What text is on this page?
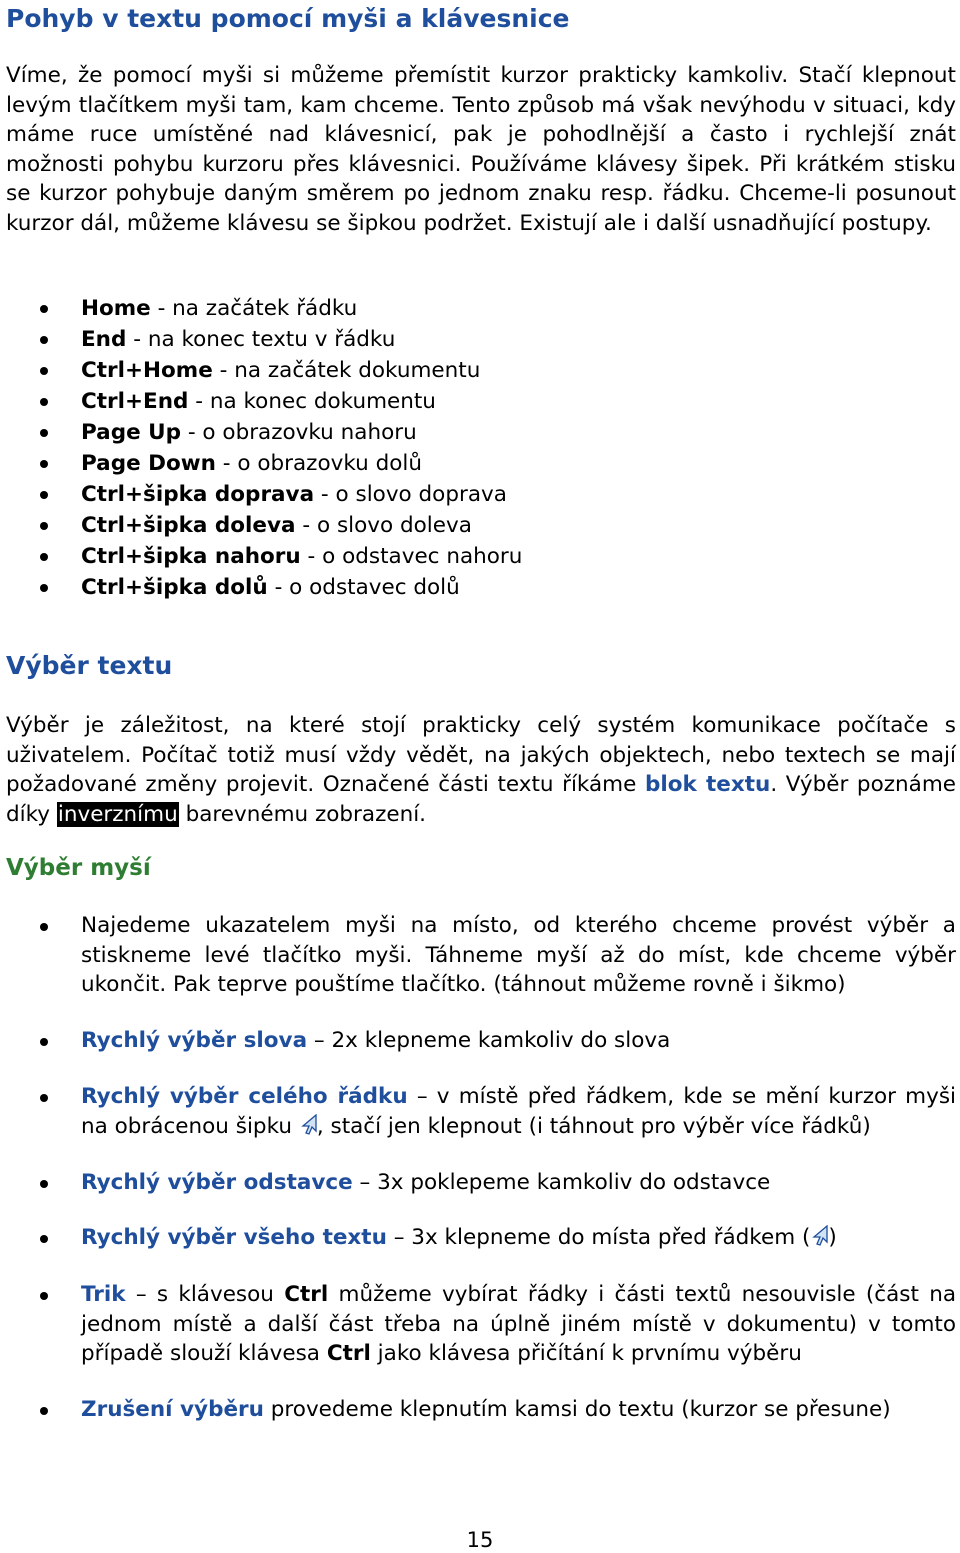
Pohyb v textu pomocí myši a klávesnice

Víme, že pomocí myši si můžeme přemístit kurzor prakticky kamkoliv. Stačí klepnout levým tlačítkem myši tam, kam chceme. Tento způsob má však nevýhodu v situaci, kdy máme ruce umístěné nad klávesnicí, pak je pohodlnější a často i rychlejší znát možnosti pohybu kurzoru přes klávesnici. Používáme klávesy šipek. Při krátkém stisku se kurzor pohybuje daným směrem po jednom znaku resp. řádku. Chceme-li posunout kurzor dál, můžeme klávesu se šipkou podržet. Existují ale i další usnadňující postupy.

Home - na začátek řádku
End - na konec textu v řádku
Ctrl+Home - na začátek dokumentu
Ctrl+End - na konec dokumentu
Page Up - o obrazovku nahoru
Page Down - o obrazovku dolů
Ctrl+šipka doprava - o slovo doprava
Ctrl+šipka doleva - o slovo doleva
Ctrl+šipka nahoru - o odstavec nahoru
Ctrl+šipka dolů - o odstavec dolů
Výběr textu

Výběr je záležitost, na které stojí prakticky celý systém komunikace počítače s uživatelem. Počítač totiž musí vždy vědět, na jakých objektech, nebo textech se mají požadované změny projevit. Označené části textu říkáme blok textu. Výběr poznáme díky inverznímu barevnému zobrazení.

Výběr myší
Najedeme ukazatelem myši na místo, od kterého chceme provést výběr a stiskneme levé tlačítko myši. Táhneme myší až do míst, kde chceme výběr ukončit. Pak teprve pouštíme tlačítko. (táhnout můžeme rovně i šikmo)
Rychlý výběr slova – 2x klepneme kamkoliv do slova
Rychlý výběr celého řádku – v místě před řádkem, kde se mění kurzor myši na obrácenou šipku , stačí jen klepnout (i táhnout pro výběr více řádků)
Rychlý výběr odstavce – 3x poklepeme kamkoliv do odstavce
Rychlý výběr všeho textu – 3x klepneme do místa před řádkem ( )
Trik – s klávesou Ctrl můžeme vybírat řádky i části textů nesouvisle (část na jednom místě a další část třeba na úplně jiném místě v dokumentu) v tomto případě slouží klávesa Ctrl jako klávesa přičítání k prvnímu výběru
Zrušení výběru provedeme klepnutím kamsi do textu (kurzor se přesune)
15
